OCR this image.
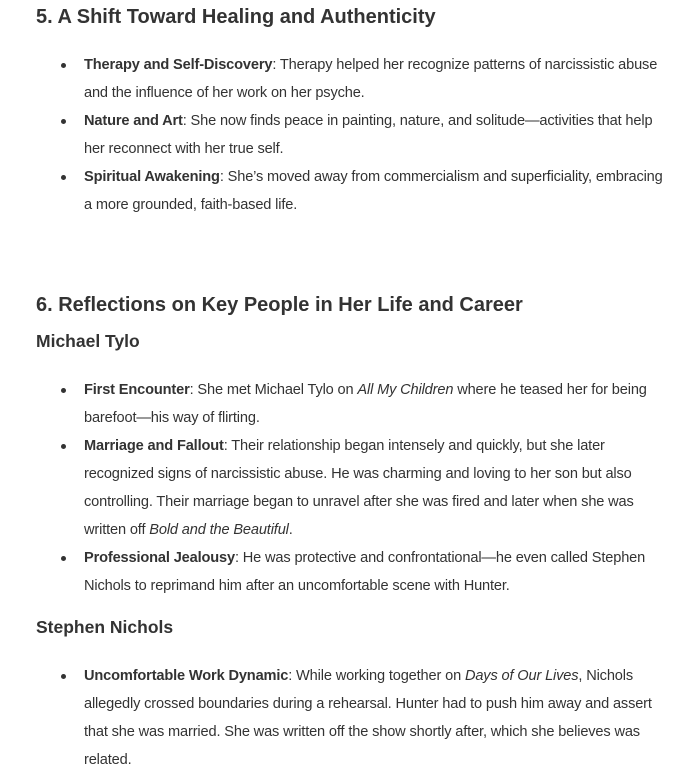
5. A Shift Toward Healing and Authenticity
Therapy and Self-Discovery: Therapy helped her recognize patterns of narcissistic abuse and the influence of her work on her psyche.
Nature and Art: She now finds peace in painting, nature, and solitude—activities that help her reconnect with her true self.
Spiritual Awakening: She’s moved away from commercialism and superficiality, embracing a more grounded, faith-based life.
6. Reflections on Key People in Her Life and Career
Michael Tylo
First Encounter: She met Michael Tylo on All My Children where he teased her for being barefoot—his way of flirting.
Marriage and Fallout: Their relationship began intensely and quickly, but she later recognized signs of narcissistic abuse. He was charming and loving to her son but also controlling. Their marriage began to unravel after she was fired and later when she was written off Bold and the Beautiful.
Professional Jealousy: He was protective and confrontational—he even called Stephen Nichols to reprimand him after an uncomfortable scene with Hunter.
Stephen Nichols
Uncomfortable Work Dynamic: While working together on Days of Our Lives, Nichols allegedly crossed boundaries during a rehearsal. Hunter had to push him away and assert that she was married. She was written off the show shortly after, which she believes was related.
